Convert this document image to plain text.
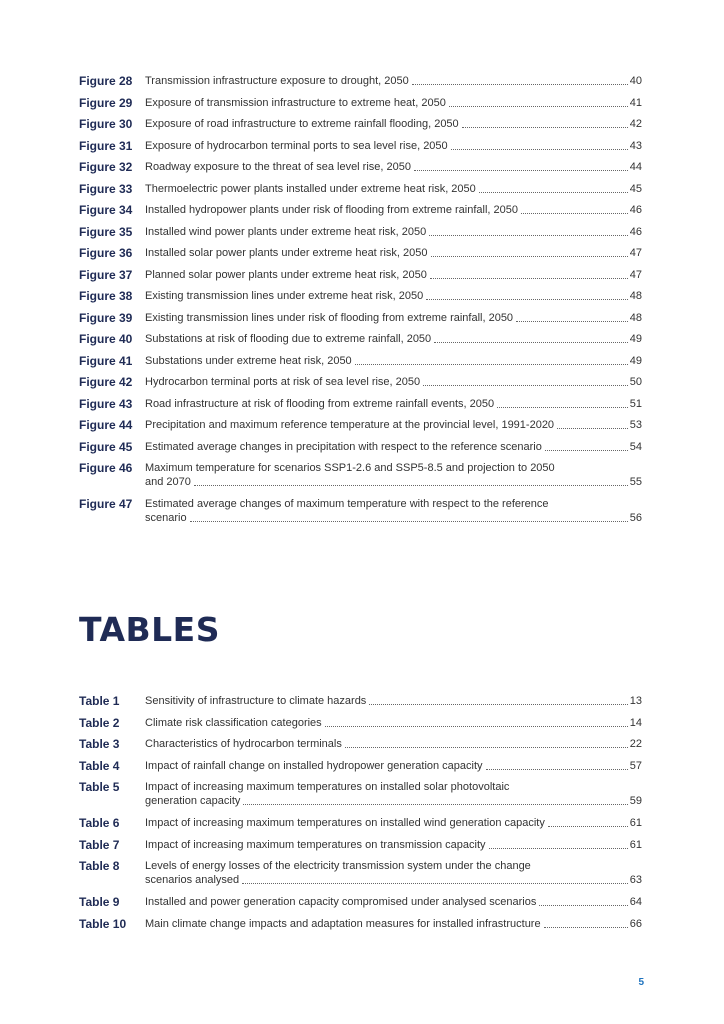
Figure 28 Transmission infrastructure exposure to drought, 2050	40
Figure 29 Exposure of transmission infrastructure to extreme heat, 2050	41
Figure 30 Exposure of road infrastructure to extreme rainfall flooding, 2050	42
Figure 31 Exposure of hydrocarbon terminal ports to sea level rise, 2050	43
Figure 32 Roadway exposure to the threat of sea level rise, 2050	44
Figure 33 Thermoelectric power plants installed under extreme heat risk, 2050	45
Figure 34 Installed hydropower plants under risk of flooding from extreme rainfall, 2050	46
Figure 35 Installed wind power plants under extreme heat risk, 2050	46
Figure 36 Installed solar power plants under extreme heat risk, 2050	47
Figure 37 Planned solar power plants under extreme heat risk, 2050	47
Figure 38 Existing transmission lines under extreme heat risk, 2050	48
Figure 39 Existing transmission lines under risk of flooding from extreme rainfall, 2050	48
Figure 40 Substations at risk of flooding due to extreme rainfall, 2050	49
Figure 41 Substations under extreme heat risk, 2050	49
Figure 42 Hydrocarbon terminal ports at risk of sea level rise, 2050	50
Figure 43 Road infrastructure at risk of flooding from extreme rainfall events, 2050	51
Figure 44 Precipitation and maximum reference temperature at the provincial level, 1991-2020	53
Figure 45 Estimated average changes in precipitation with respect to the reference scenario	54
Figure 46 Maximum temperature for scenarios SSP1-2.6 and SSP5-8.5 and projection to 2050
and 2070	55
Figure 47 Estimated average changes of maximum temperature with respect to the reference
scenario	56
TABLES
Table 1 Sensitivity of infrastructure to climate hazards	13
Table 2 Climate risk classification categories	14
Table 3 Characteristics of hydrocarbon terminals	22
Table 4 Impact of rainfall change on installed hydropower generation capacity	57
Table 5 Impact of increasing maximum temperatures on installed solar photovoltaic
generation capacity	59
Table 6 Impact of increasing maximum temperatures on installed wind generation capacity	61
Table 7 Impact of increasing maximum temperatures on transmission capacity	61
Table 8 Levels of energy losses of the electricity transmission system under the change
scenarios analysed	63
Table 9 Installed and power generation capacity compromised under analysed scenarios	64
Table 10 Main climate change impacts and adaptation measures for installed infrastructure	66
5
